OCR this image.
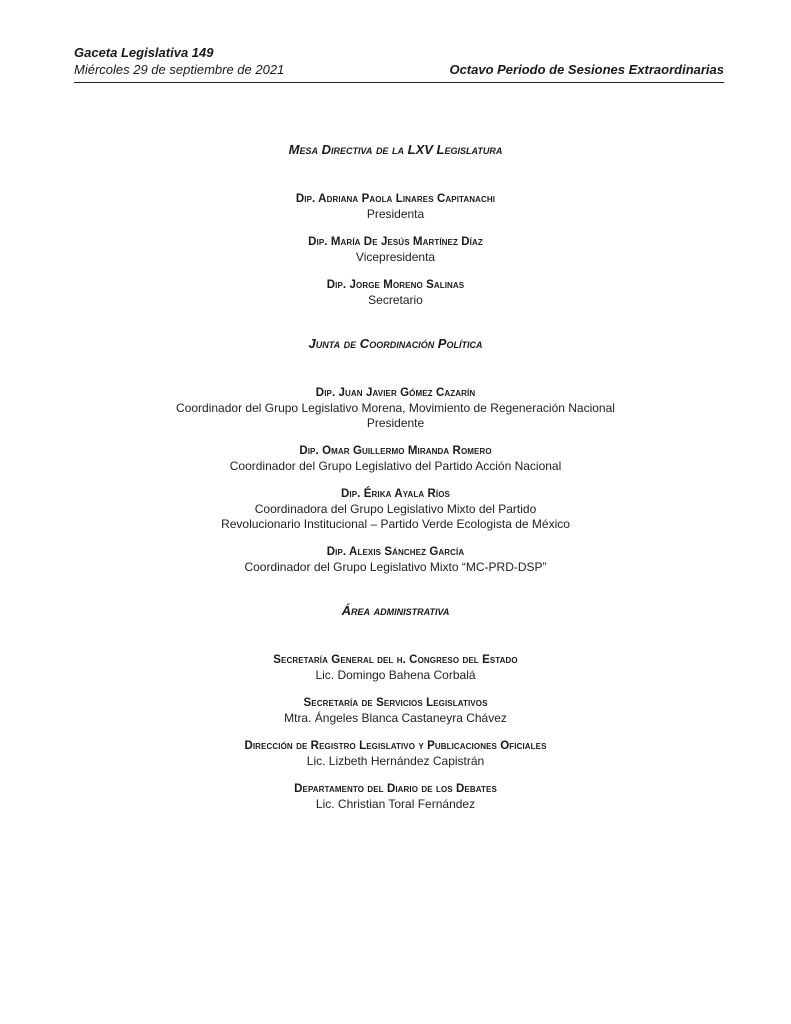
Gaceta Legislativa 149
Miércoles 29 de septiembre de 2021	Octavo Periodo de Sesiones Extraordinarias
Mesa Directiva de la LXV Legislatura
Dip. Adriana Paola Linares Capitanachi
Presidenta
Dip. María De Jesús Martínez Díaz
Vicepresidenta
Dip. Jorge Moreno Salinas
Secretario
Junta de Coordinación Política
Dip. Juan Javier Gómez Cazarín
Coordinador del Grupo Legislativo Morena, Movimiento de Regeneración Nacional
Presidente
Dip. Omar Guillermo Miranda Romero
Coordinador del Grupo Legislativo del Partido Acción Nacional
Dip. Érika Ayala Ríos
Coordinadora del Grupo Legislativo Mixto del Partido
Revolucionario Institucional – Partido Verde Ecologista de México
Dip. Alexis Sánchez García
Coordinador del Grupo Legislativo Mixto “MC-PRD-DSP”
Área administrativa
Secretaría General del h. Congreso del Estado
Lic. Domingo Bahena Corbalá
Secretaría de Servicios Legislativos
Mtra. Ángeles Blanca Castaneyra Chávez
Dirección de Registro Legislativo y Publicaciones Oficiales
Lic. Lizbeth Hernández Capistrán
Departamento del Diario de los Debates
Lic. Christian Toral Fernández
